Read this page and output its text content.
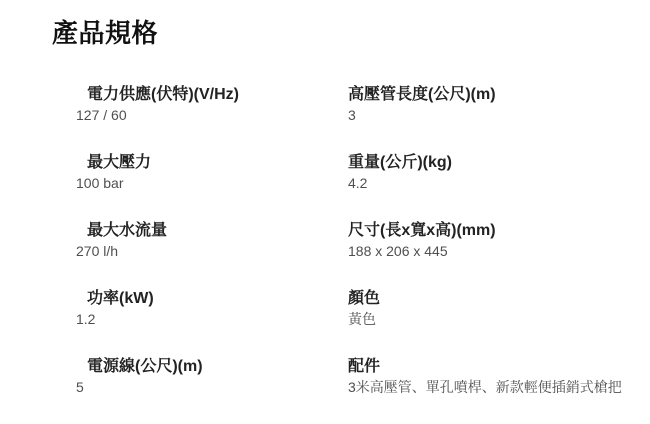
產品規格
電力供應(伏特)(V/Hz)
127 / 60
最大壓力
100 bar
最大水流量
270 l/h
功率(kW)
1.2
電源線(公尺)(m)
5
高壓管長度(公尺)(m)
3
重量(公斤)(kg)
4.2
尺寸(長x寬x高)(mm)
188 x 206 x 445
顏色
黃色
配件
3米高壓管、單孔噴桿、新款輕便插銷式槍把
